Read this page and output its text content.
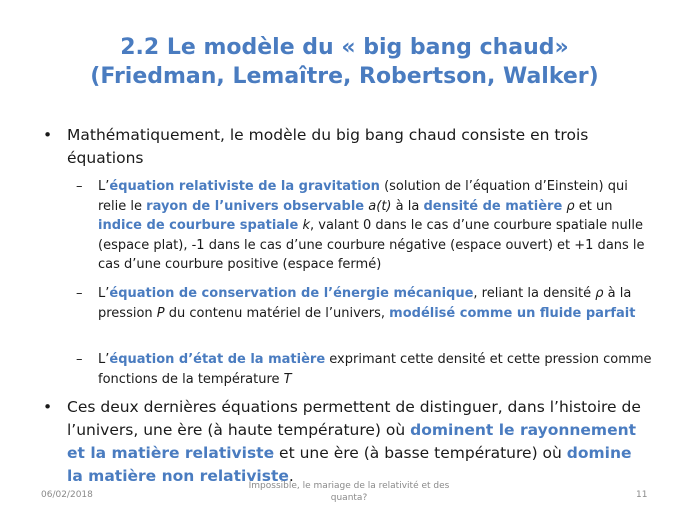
2.2 Le modèle du « big bang chaud»
(Friedman, Lemaître, Robertson, Walker)
• Mathématiquement, le modèle du big bang chaud consiste en trois équations
– L’équation relativiste de la gravitation (solution de l’équation d’Einstein) qui relie le rayon de l’univers observable a(t) à la densité de matière ρ et un indice de courbure spatiale k, valant 0 dans le cas d’une courbure spatiale nulle (espace plat), -1 dans le cas d’une courbure négative (espace ouvert) et +1 dans le cas d’une courbure positive (espace fermé)
– L’équation de conservation de l’énergie mécanique, reliant la densité ρ à la pression P du contenu matériel de l’univers, modélisé comme un fluide parfait
– L’équation d’état de la matière exprimant cette densité et cette pression comme fonctions de la température T
• Ces deux dernières équations permettent de distinguer, dans l’histoire de l’univers, une ère (à haute température) où dominent le rayonnement et la matière relativiste et une ère (à basse température) où domine la matière non relativiste.
06/02/2018
Impossible, le mariage de la relativité et des quanta?	11
